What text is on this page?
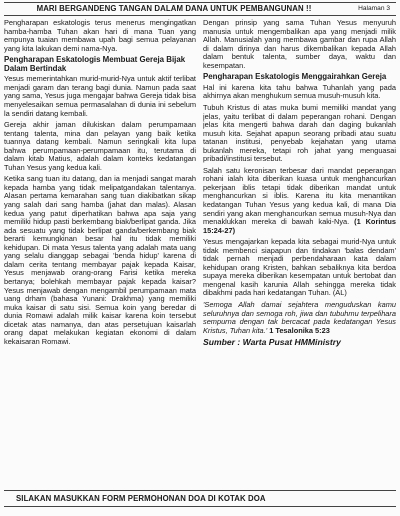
MARI BERGANDENG TANGAN DALAM DANA UNTUK PEMBANGUNAN !!	Halaman 3

Pengharapan eskatologis terus menerus mengingatkan hamba-hamba Tuhan akan hari di mana Tuan yang empunya tuaian membawa upah bagi semua pelayanan yang kita lakukan demi nama-Nya.

Pengharapan Eskatologis Membuat Gereja Bijak Dalam Bertindak

Yesus memerintahkan murid-murid-Nya untuk aktif terlibat menjadi garam dan terang bagi dunia. Namun pada saat yang sama, Yesus juga mengajar bahwa Gereja tidak bisa menyelesaikan semua permasalahan di dunia ini sebelum la sendiri datang kembali.

Gereja akhir jaman dilukiskan dalam perumpamaan tentang talenta, mina dan pelayan yang baik ketika tuannya datang kembali. Namun seringkali kita lupa bahwa perumpamaan-perumpamaan itu, terutama di dalam kitab Matius, adalah dalam konteks kedatangan Tuhan Yesus yang kedua kali.

Ketika sang tuan itu datang, dan ia menjadi sangat marah kepada hamba yang tidak melipatgandakan talentanya. Alasan pertama kemarahan sang tuan diakibatkan sikap yang salah dari sang hamba (jahat dan malas). Alasan kedua yang patut diperhatikan bahwa apa saja yang memiliki hidup pasti berkembang biak/berlipat ganda. Jika ada sesuatu yang tidak berlipat ganda/berkembang biak berarti kemungkinan besar hal itu tidak memiliki kehidupan. Di mata Yesus talenta yang adalah mata uang yang selalu dianggap sebagai 'benda hidup' karena di dalam cerita tentang membayar pajak kepada Kaisar, Yesus menjawab orang-orang Farisi ketika mereka bertanya; bolehkah membayar pajak kepada kaisar? Yesus menjawab dengan mengambil perumpamaan mata uang drham (bahasa Yunani: Drakhma) yang memiliki muka kaisar di satu sisi. Semua koin yang beredar di dunia Romawi adalah milik kaisar karena koin tersebut dicetak atas namanya, dan atas persetujuan kaisarlah orang dapat melakukan kegiatan ekonomi di dalam kekaisaran Romawi.

Dengan prinsip yang sama Tuhan Yesus menyuruh manusia untuk mengembalikan apa yang menjadi milik Allah. Manusialah yang membawa gambar dan rupa Allah di dalam dirinya dan harus dikembalikan kepada Allah dalam bentuk talenta, sumber daya, waktu dan kesempatan.

Pengharapan Eskatologis Menggairahkan Gereja

Hal ini karena kita tahu bahwa Tuhanlah yang pada akhirnya akan menghukum semua musuh-musuh kita.

Tubuh Kristus di atas muka bumi memiliki mandat yang jelas, yaitu terlibat di dalam peperangan rohani. Dengan jelas kita mengerti bahwa darah dan daging bukanlah musuh kita. Sejahat apapun seorang pribadi atau suatu tatanan institusi, penyebab kejahatan yang utama bukanlah mereka, tetapi roh jahat yang menguasai pribadi/institusi tersebut.

Salah satu keronisan terbesar dari mandat peperangan rohani ialah kita diberikan kuasa untuk menghancurkan pekerjaan iblis tetapi tidak diberikan mandat untuk menghancurkan si iblis. Karena itu kita menantikan kedatangan Tuhan Yesus yang kedua kali, di mana Dia sendiri yang akan menghancurkan semua musuh-Nya dan menaklukkan mereka di bawah kaki-Nya. (1 Korintus 15:24-27)

Yesus mengajarkan kepada kita sebagai murid-Nya untuk tidak membenci siapapun dan tindakan 'balas dendam' tidak pernah menjadi perbendaharaan kata dalam kehidupan orang Kristen, bahkan sebaliknya kita berdoa supaya mereka diberikan kesempatan untuk bertobat dan mengenal kasih karunia Allah sehingga mereka tidak dibakhmi pada hari kedatangan Tuhan. (AL)

'Semoga Allah damai sejahtera menguduskan kamu seluruhnya dan semoga roh, jiwa dan tubuhmu terpelihara sempurna dengan tak bercacat pada kedatangan Yesus Kristus, Tuhan kita.' 1 Tesalonika 5:23

Sumber : Warta Pusat HMMinistry

SILAKAN MASUKKAN FORM PERMOHONAN DOA DI KOTAK DOA
